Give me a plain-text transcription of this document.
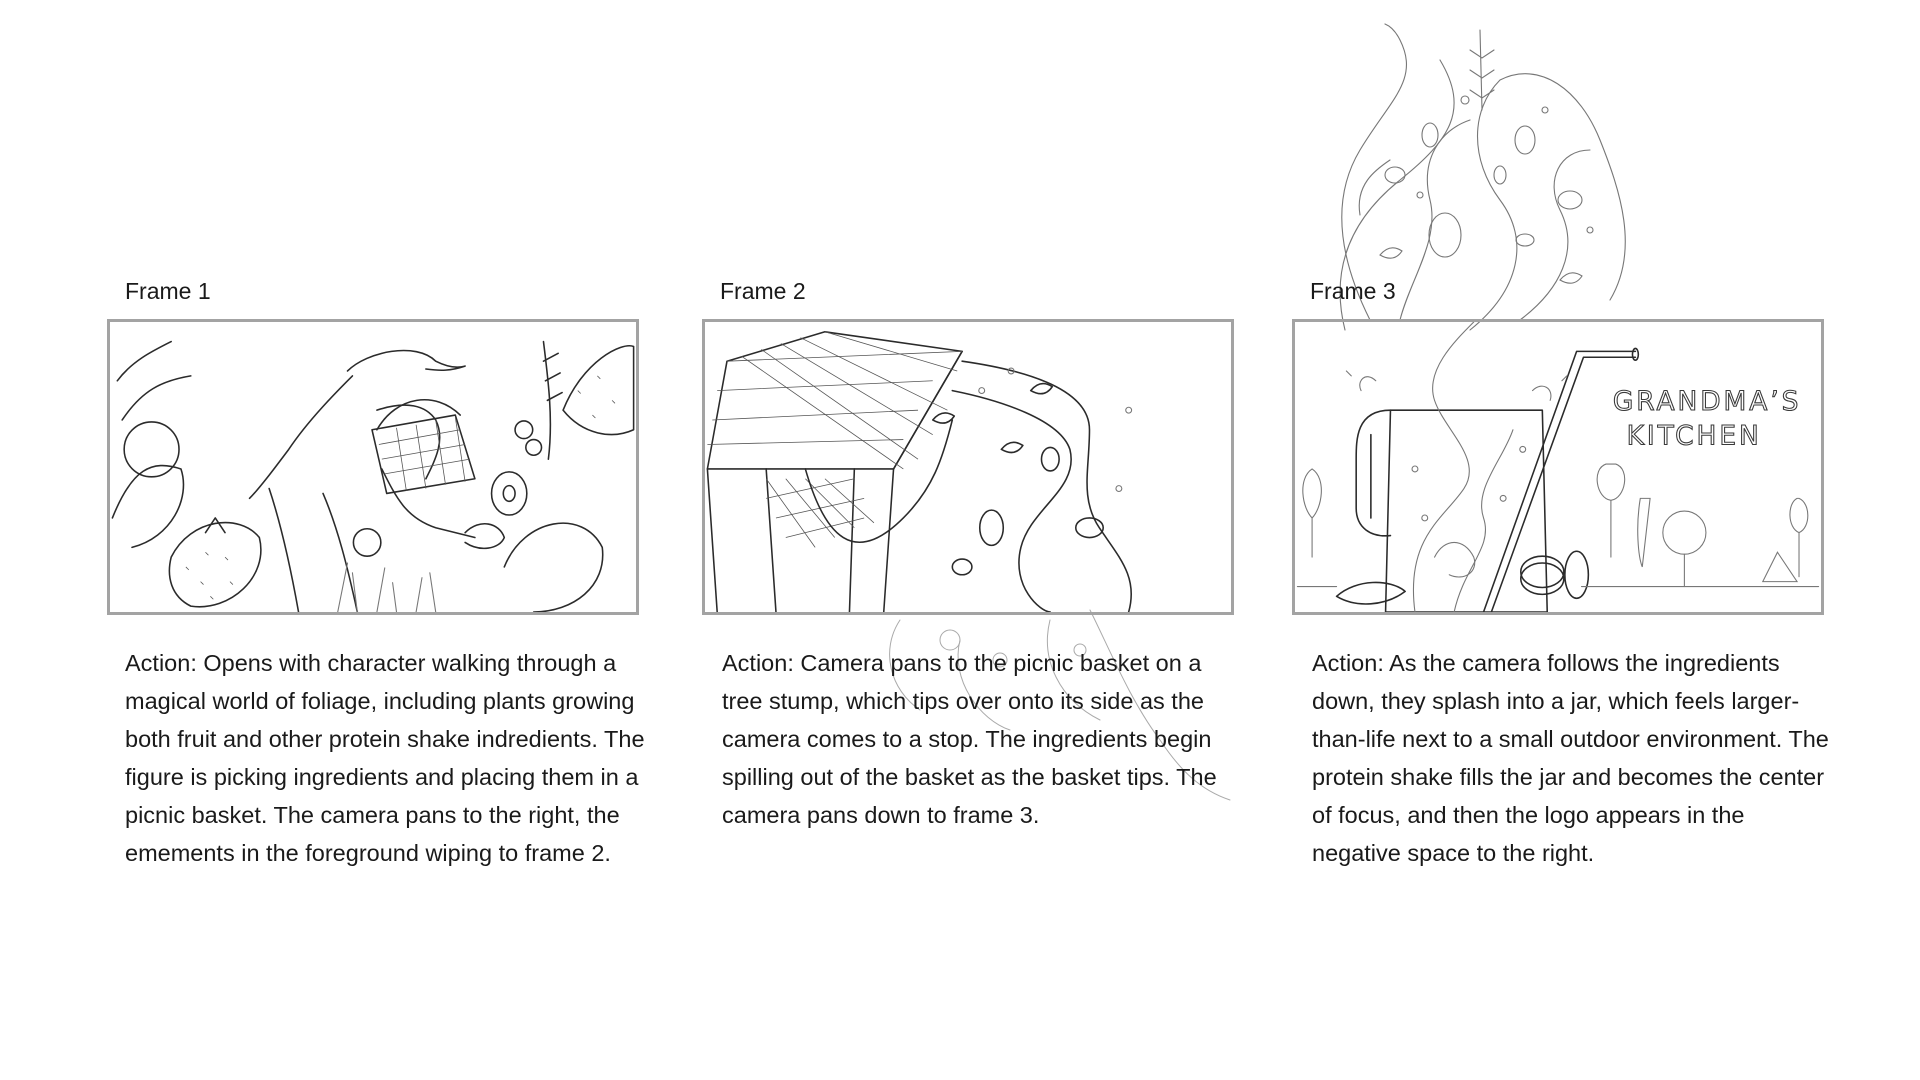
Frame 1
Action: Opens with character walking through a magical world of foliage, including plants growing both fruit and other protein shake indredients. The figure is picking ingredients and placing them in a picnic basket. The camera pans to the right, the emements in the foreground wiping to frame 2.
Frame 2
Action: Camera pans to the picnic basket on a tree stump, which tips over onto its side as the camera comes to a stop. The ingredients begin spilling out of the basket as the basket tips. The camera pans down to frame 3.
Frame 3
GRANDMA’S
KITCHEN
Action: As the camera follows the ingredients down, they splash into a jar, which feels larger-than-life next to a small outdoor environment. The protein shake fills the jar and becomes the center of focus, and then the logo appears in the negative space to the right.
